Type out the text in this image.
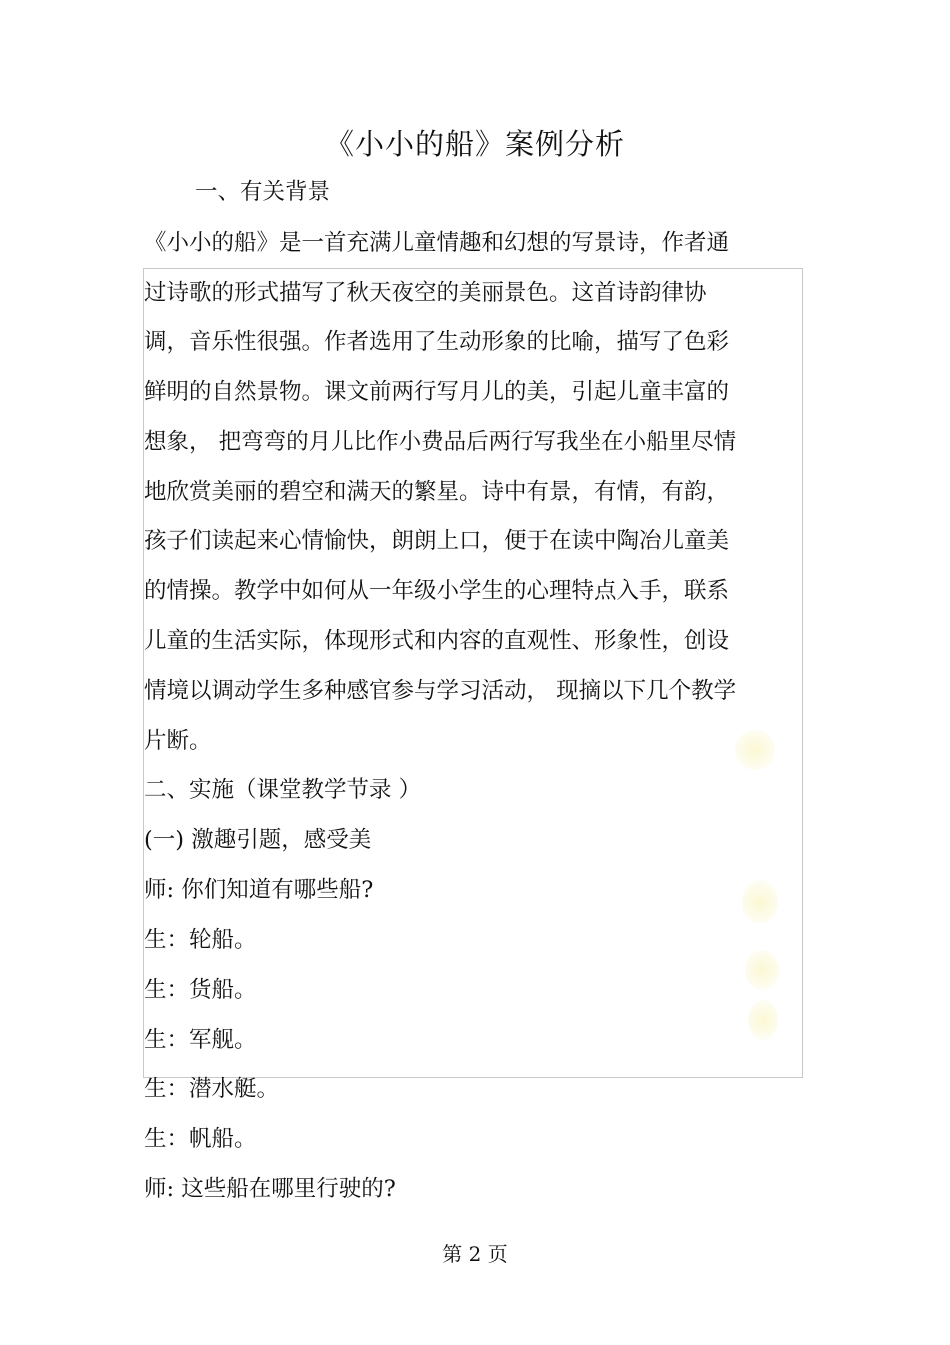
《小小的船》案例分析
一、有关背景
《小小的船》是一首充满儿童情趣和幻想的写景诗，作者通
过诗歌的形式描写了秋天夜空的美丽景色。这首诗韵律协
调，音乐性很强。作者选用了生动形象的比喻，描写了色彩
鲜明的自然景物。课文前两行写月儿的美，引起儿童丰富的
想象， 把弯弯的月儿比作小费品后两行写我坐在小船里尽情
地欣赏美丽的碧空和满天的繁星。诗中有景，有情，有韵，
孩子们读起来心情愉快，朗朗上口，便于在读中陶冶儿童美
的情操。教学中如何从一年级小学生的心理特点入手，联系
儿童的生活实际，体现形式和内容的直观性、形象性，创设
情境以调动学生多种感官参与学习活动， 现摘以下几个教学
片断。
二、实施（课堂教学节录 ）
(一) 激趣引题，感受美
师: 你们知道有哪些船?
生：轮船。
生：货船。
生：军舰。
生：潜水艇。
生：帆船。
师: 这些船在哪里行驶的?
第 2 页
